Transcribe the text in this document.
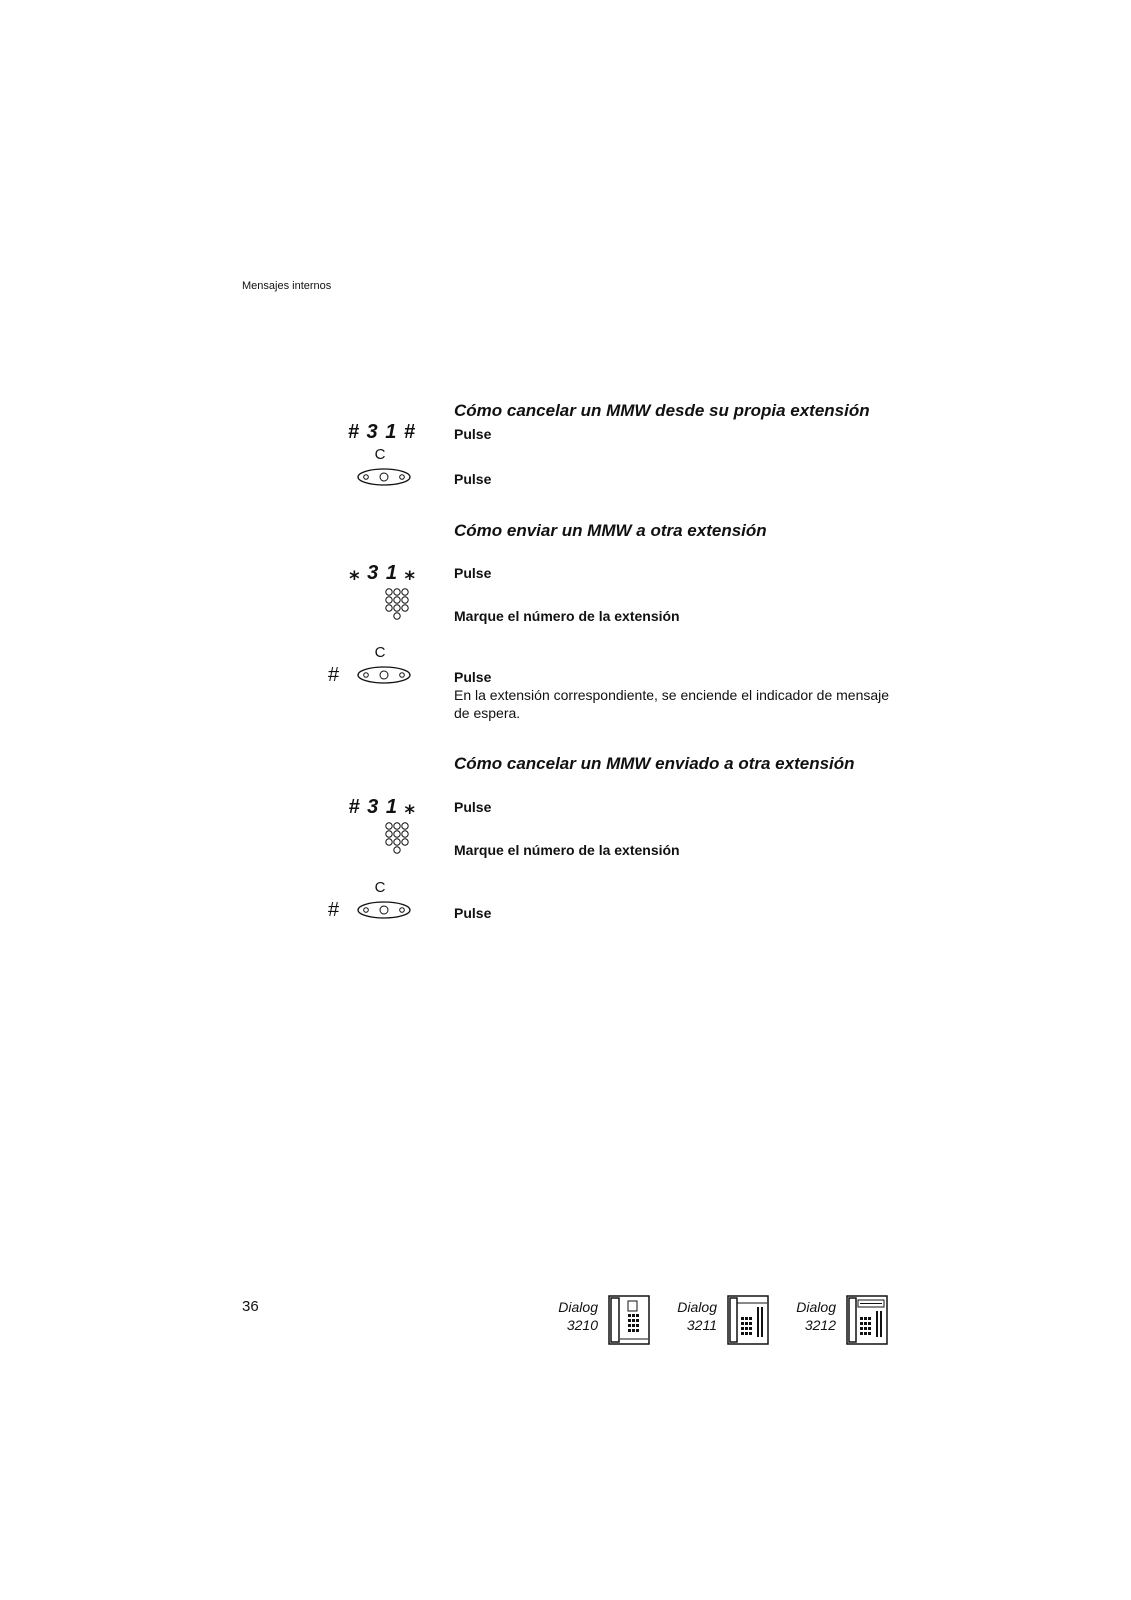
Mensajes internos
Cómo cancelar un MMW desde su propia extensión
# 3 1 #	Pulse
C
Pulse
Cómo enviar un MMW a otra extensión
⁎ 3 1 ⁎	Pulse
Marque el número de la extensión
C
#	Pulse
En la extensión correspondiente, se enciende el indicador de mensaje de espera.
Cómo cancelar un MMW enviado a otra extensión
# 3 1 ⁎	Pulse
Marque el número de la extensión
C
#	Pulse
36	Dialog
3210
Dialog
3211
Dialog
3212
